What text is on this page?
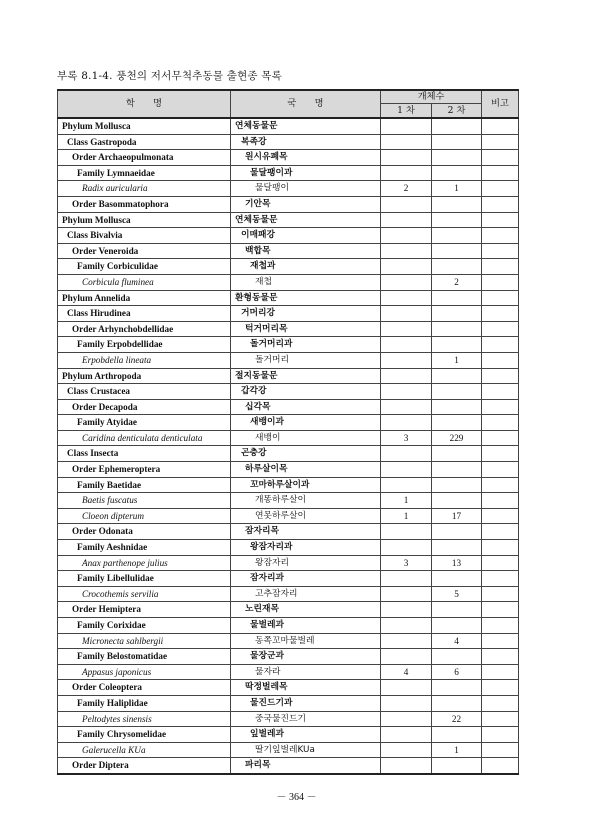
부록 8.1-4. 풍천의 저서무척추동물 출현종 목록
학　　명	국　　명	개체수		비고
		1 차	2 차	
Phylum Mollusca	연체동물문			
Class Gastropoda	복족강			
Order Archaeopulmonata	원시유폐목			
Family Lymnaeidae	물달팽이과			
Radix auricularia	물달팽이	2	1	
Order Basommatophora	기안목			
Phylum Mollusca	연체동물문			
Class Bivalvia	이매패강			
Order Veneroida	백합목			
Family Corbiculidae	재첩과			
Corbicula fluminea	재첩		2	
Phylum Annelida	환형동물문			
Class Hirudinea	거머리강			
Order Arhynchobdellidae	턱거머리목			
Family Erpobdellidae	돌거머리과			
Erpobdella lineata	돌거머리		1	
Phylum Arthropoda	절지동물문			
Class Crustacea	갑각강			
Order Decapoda	십각목			
Family Atyidae	새뱅이과			
Caridina denticulata denticulata	새뱅이	3	229	
Class Insecta	곤충강			
Order Ephemeroptera	하루살이목			
Family Baetidae	꼬마하루살이과			
Baetis fuscatus	개똥하루살이	1		
Cloeon dipterum	연못하루살이	1	17	
Order Odonata	잠자리목			
Family Aeshnidae	왕잠자리과			
Anax parthenope julius	왕잠자리	3	13	
Family Libellulidae	잠자리과			
Crocothemis servilia	고추잠자리		5	
Order Hemiptera	노린재목			
Family Corixidae	물벌레과			
Micronecta sahlbergii	동쪽꼬마물벌레		4	
Family Belostomatidae	물장군과			
Appasus japonicus	물자라	4	6	
Order Coleoptera	딱정벌레목			
Family Haliplidae	물진드기과			
Peltodytes sinensis	중국물진드기		22	
Family Chrysomelidae	잎벌레과			
Galerucella KUa	딸기잎벌레KUa		1	
Order Diptera	파리목			
－ 364 －
